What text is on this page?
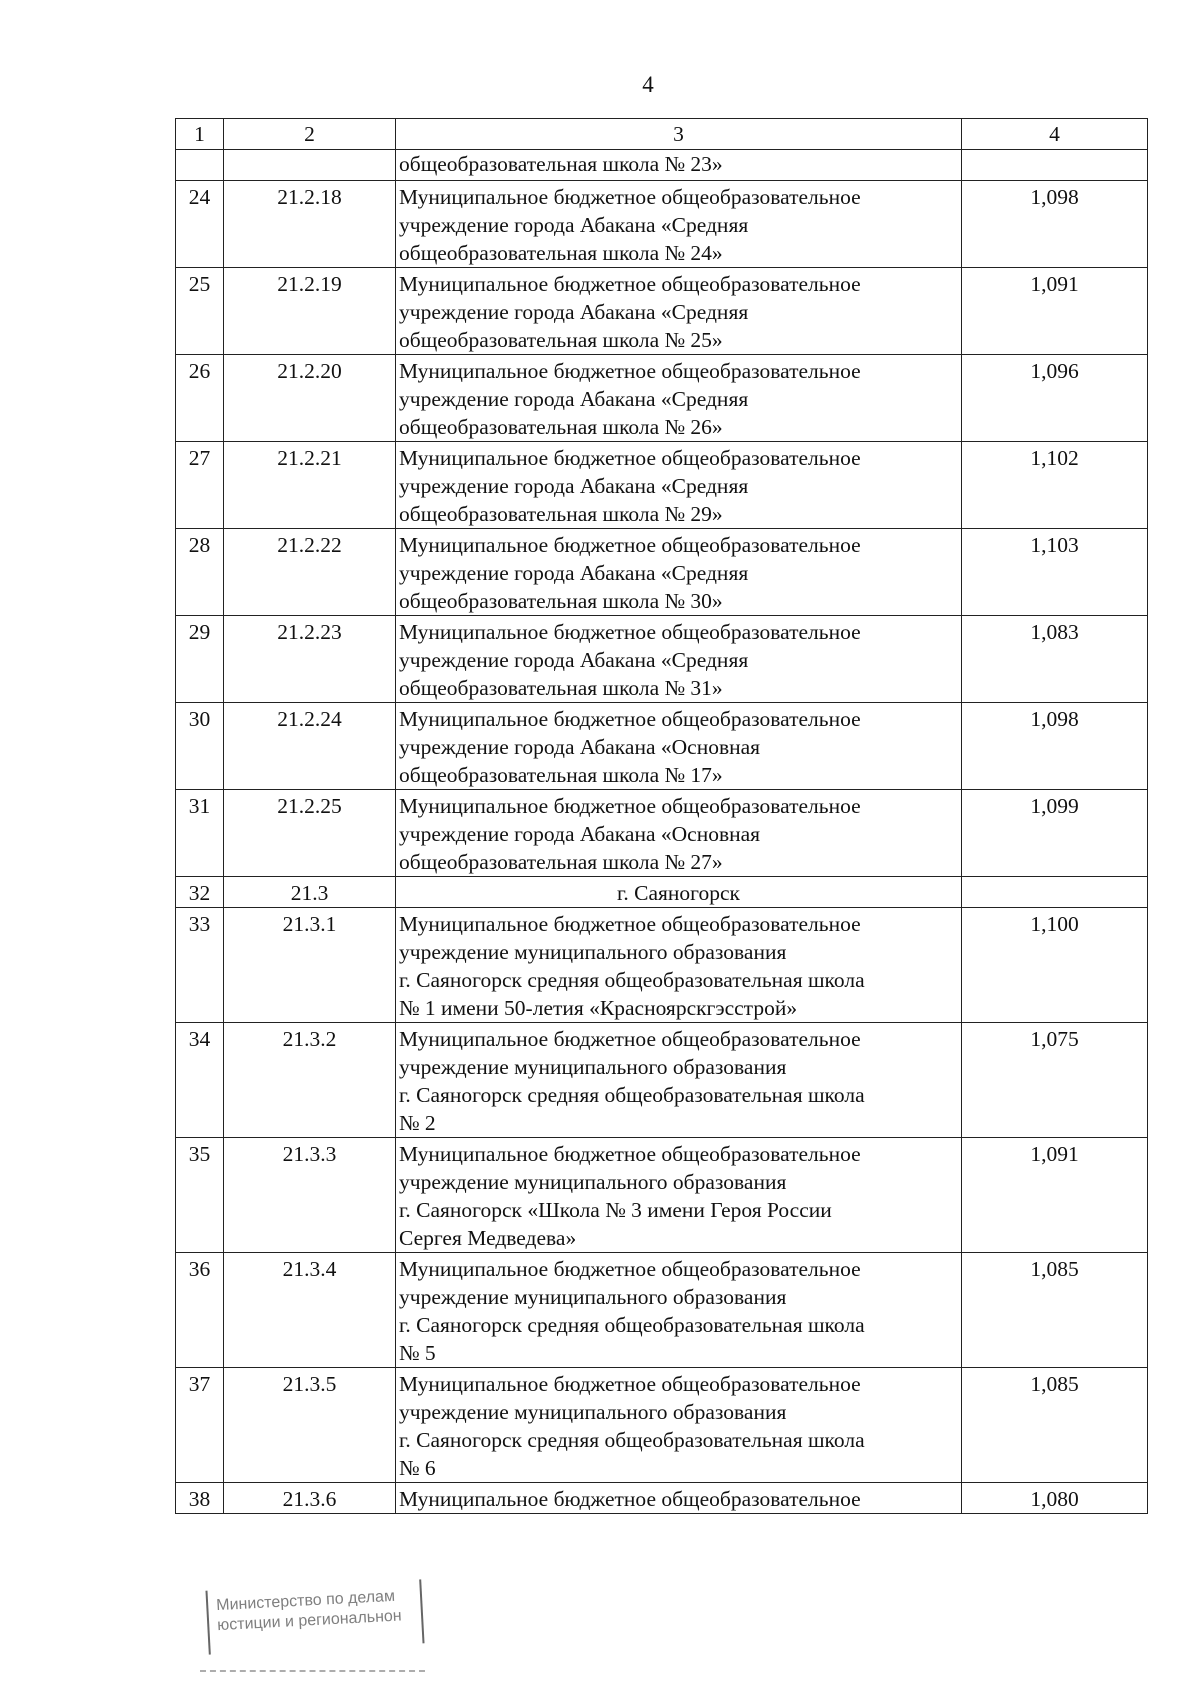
4
1	2	3	4
		общеобразовательная школа № 23»	
24	21.2.18	Муниципальное бюджетное общеобразовательное
учреждение города Абакана «Средняя
общеобразовательная школа № 24»	1,098
25	21.2.19	Муниципальное бюджетное общеобразовательное
учреждение города Абакана «Средняя
общеобразовательная школа № 25»	1,091
26	21.2.20	Муниципальное бюджетное общеобразовательное
учреждение города Абакана «Средняя
общеобразовательная школа № 26»	1,096
27	21.2.21	Муниципальное бюджетное общеобразовательное
учреждение города Абакана «Средняя
общеобразовательная школа № 29»	1,102
28	21.2.22	Муниципальное бюджетное общеобразовательное
учреждение города Абакана «Средняя
общеобразовательная школа № 30»	1,103
29	21.2.23	Муниципальное бюджетное общеобразовательное
учреждение города Абакана «Средняя
общеобразовательная школа № 31»	1,083
30	21.2.24	Муниципальное бюджетное общеобразовательное
учреждение города Абакана «Основная
общеобразовательная школа № 17»	1,098
31	21.2.25	Муниципальное бюджетное общеобразовательное
учреждение города Абакана «Основная
общеобразовательная школа № 27»	1,099
32	21.3	г. Саяногорск	

33	21.3.1	Муниципальное бюджетное общеобразовательное
учреждение муниципального образования
г. Саяногорск средняя общеобразовательная школа
№ 1 имени 50-летия «Красноярскгэсстрой»	1,100
34	21.3.2	Муниципальное бюджетное общеобразовательное
учреждение муниципального образования
г. Саяногорск средняя общеобразовательная школа
№ 2	1,075
35	21.3.3	Муниципальное бюджетное общеобразовательное
учреждение муниципального образования
г. Саяногорск «Школа № 3 имени Героя России
Сергея Медведева»	1,091
36	21.3.4	Муниципальное бюджетное общеобразовательное
учреждение муниципального образования
г. Саяногорск средняя общеобразовательная школа
№ 5	1,085
37	21.3.5	Муниципальное бюджетное общеобразовательное
учреждение муниципального образования
г. Саяногорск средняя общеобразовательная школа
№ 6	1,085
38	21.3.6	Муниципальное бюджетное общеобразовательное	1,080
Министерство по делам
юстиции и региональнон
